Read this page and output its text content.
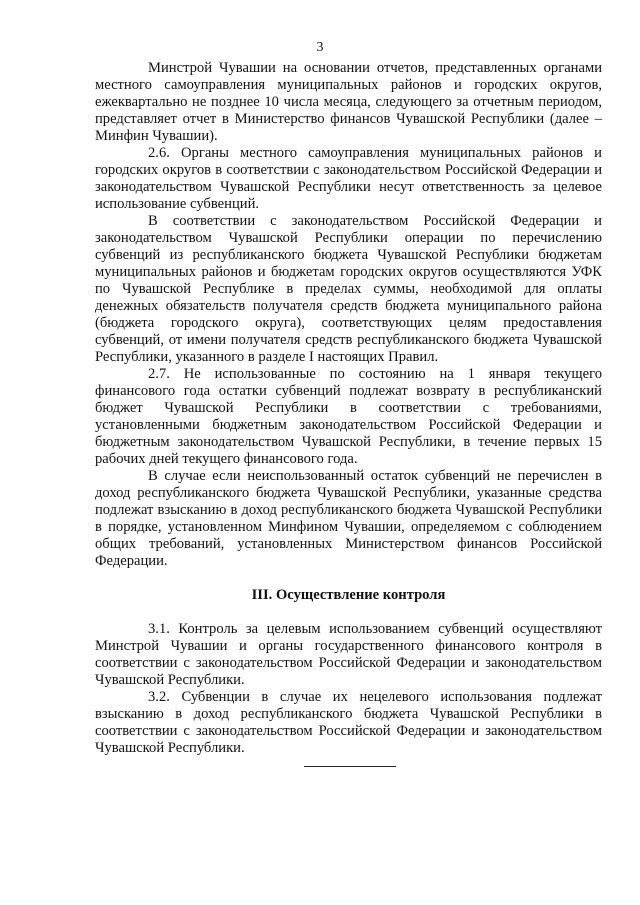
3

Минстрой Чувашии на основании отчетов, представленных органами местного самоуправления муниципальных районов и городских округов, ежеквартально не позднее 10 числа месяца, следующего за отчетным периодом, представляет отчет в Министерство финансов Чувашской Республики (далее – Минфин Чувашии).

2.6. Органы местного самоуправления муниципальных районов и городских округов в соответствии с законодательством Российской Федерации и законодательством Чувашской Республики несут ответственность за целевое использование субвенций.

В соответствии с законодательством Российской Федерации и законодательством Чувашской Республики операции по перечислению субвенций из республиканского бюджета Чувашской Республики бюджетам муниципальных районов и бюджетам городских округов осуществляются УФК по Чувашской Республике в пределах суммы, необходимой для оплаты денежных обязательств получателя средств бюджета муниципального района (бюджета городского округа), соответствующих целям предоставления субвенций, от имени получателя средств республиканского бюджета Чувашской Республики, указанного в разделе I настоящих Правил.

2.7. Не использованные по состоянию на 1 января текущего финансового года остатки субвенций подлежат возврату в республиканский бюджет Чувашской Республики в соответствии с требованиями, установленными бюджетным законодательством Российской Федерации и бюджетным законодательством Чувашской Республики, в течение первых 15 рабочих дней текущего финансового года.

В случае если неиспользованный остаток субвенций не перечислен в доход республиканского бюджета Чувашской Республики, указанные средства подлежат взысканию в доход республиканского бюджета Чувашской Республики в порядке, установленном Минфином Чувашии, определяемом с соблюдением общих требований, установленных Министерством финансов Российской Федерации.

III. Осуществление контроля

3.1. Контроль за целевым использованием субвенций осуществляют Минстрой Чувашии и органы государственного финансового контроля в соответствии с законодательством Российской Федерации и законодательством Чувашской Республики.

3.2. Субвенции в случае их нецелевого использования подлежат взысканию в доход республиканского бюджета Чувашской Республики в соответствии с законодательством Российской Федерации и законодательством Чувашской Республики.
